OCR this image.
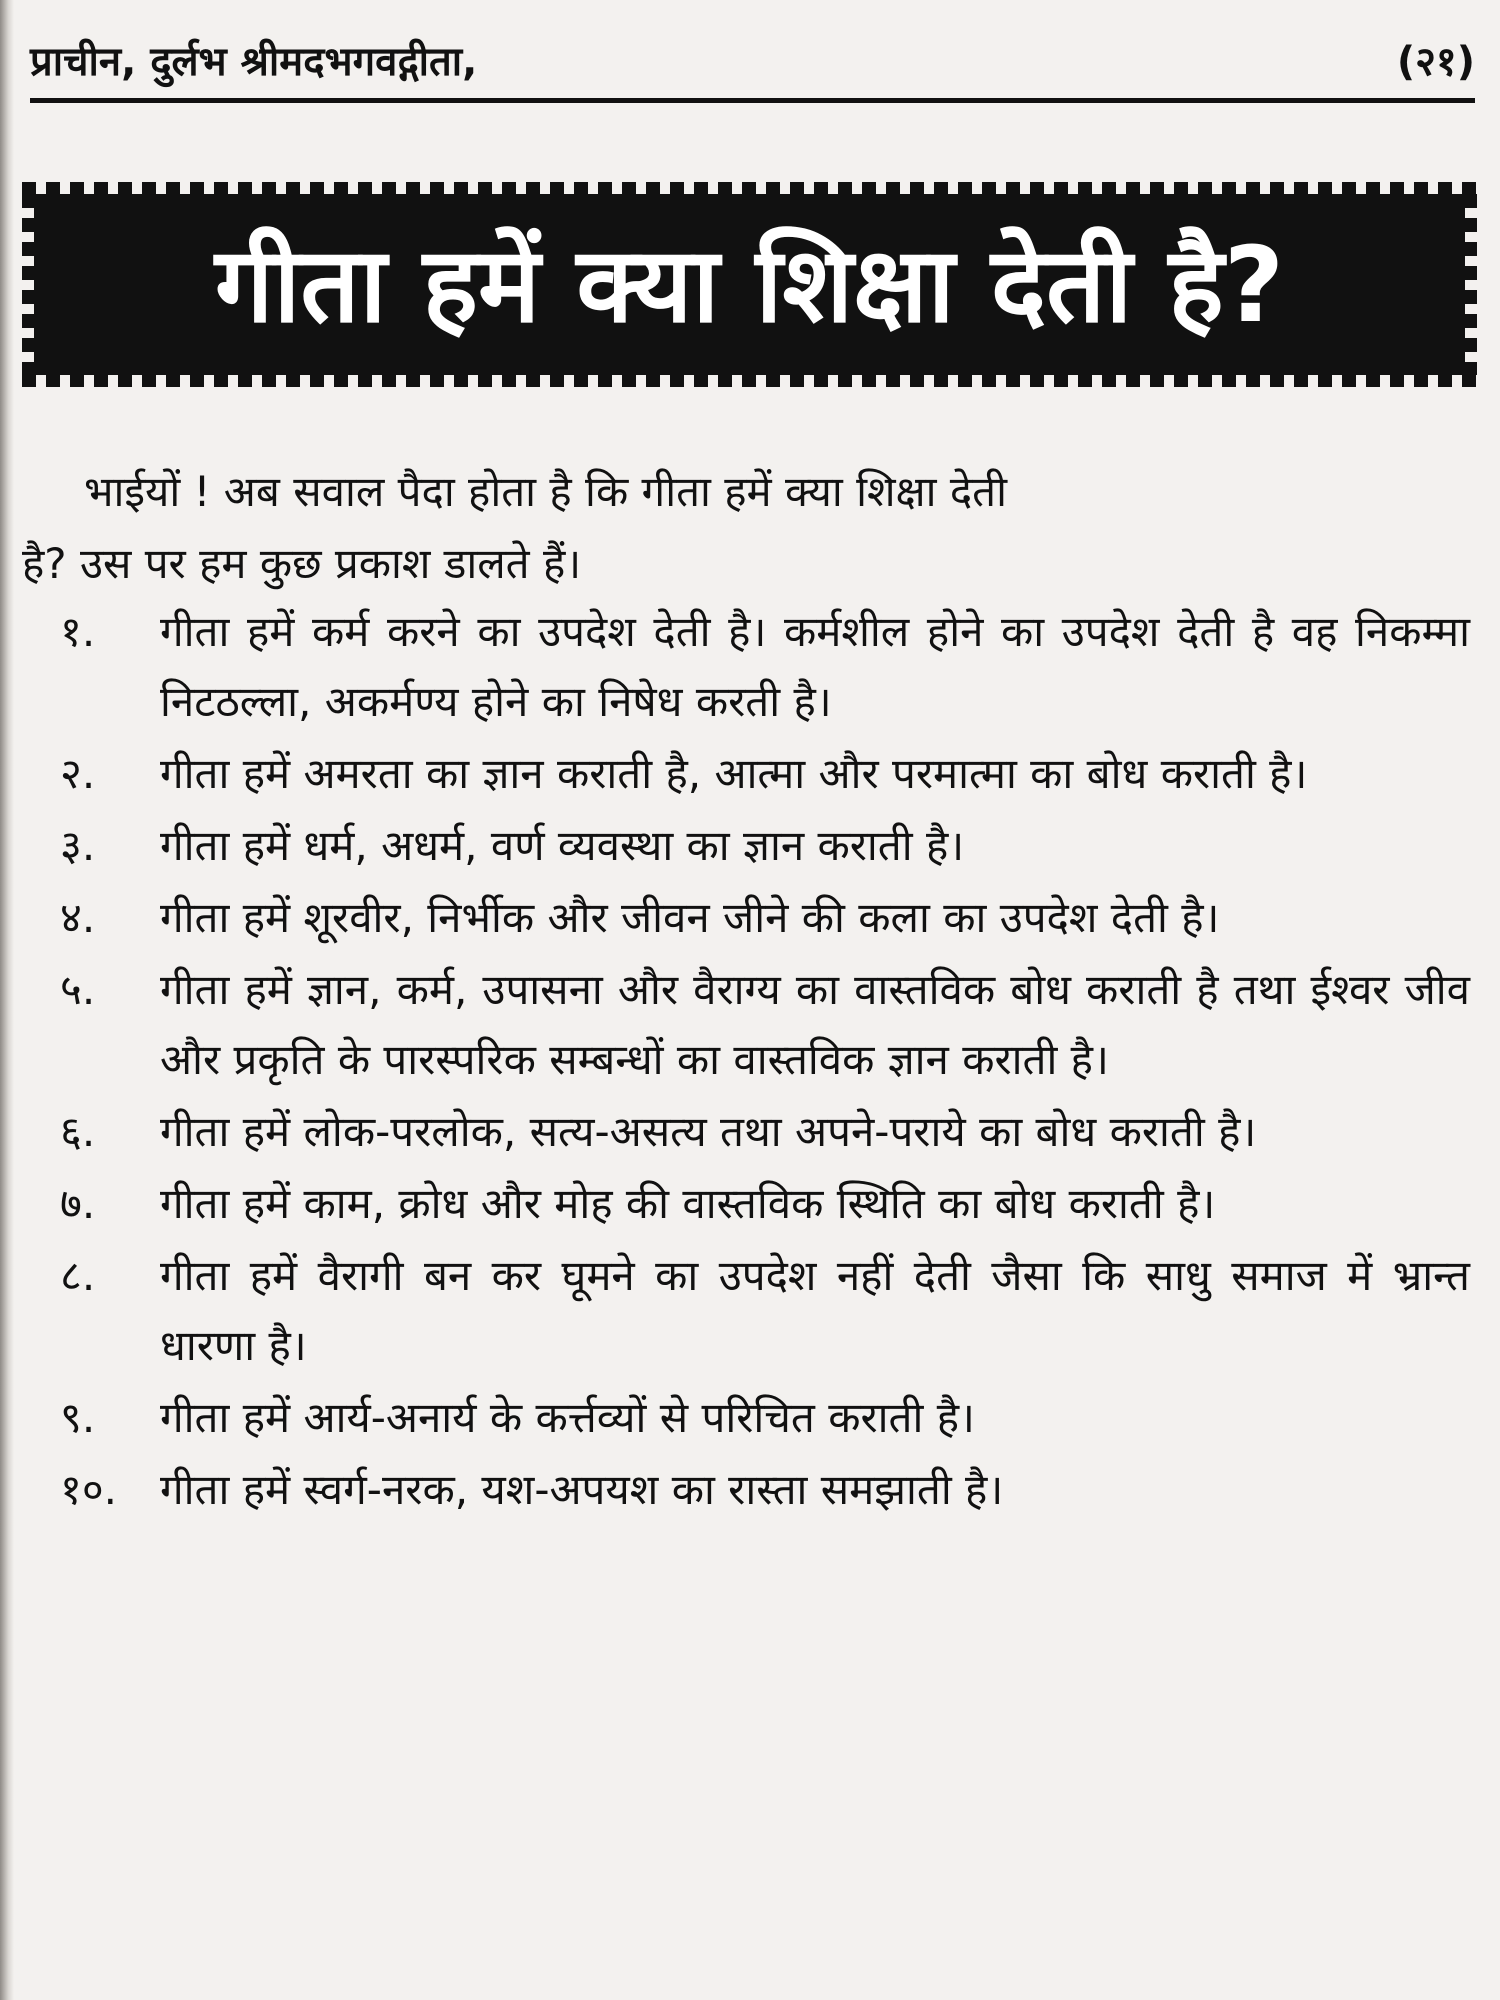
प्राचीन, दुर्लभ श्रीमदभगवद्गीता,	(२१)
गीता हमें क्या शिक्षा देती है?
भाईयों ! अब सवाल पैदा होता है कि गीता हमें क्या शिक्षा देती
है? उस पर हम कुछ प्रकाश डालते हैं।
१.	गीता हमें कर्म करने का उपदेश देती है। कर्मशील होने का उपदेश देती है वह निकम्मा निटठल्ला, अकर्मण्य होने का निषेध करती है।
२.	गीता हमें अमरता का ज्ञान कराती है, आत्मा और परमात्मा का बोध कराती है।
३.	गीता हमें धर्म, अधर्म, वर्ण व्यवस्था का ज्ञान कराती है।
४.	गीता हमें शूरवीर, निर्भीक और जीवन जीने की कला का उपदेश देती है।
५.	गीता हमें ज्ञान, कर्म, उपासना और वैराग्य का वास्तविक बोध कराती है तथा ईश्वर जीव और प्रकृति के पारस्परिक सम्बन्धों का वास्तविक ज्ञान कराती है।
६.	गीता हमें लोक-परलोक, सत्य-असत्य तथा अपने-पराये का बोध कराती है।
७.	गीता हमें काम, क्रोध और मोह की वास्तविक स्थिति का बोध कराती है।
८.	गीता हमें वैरागी बन कर घूमने का उपदेश नहीं देती जैसा कि साधु समाज में भ्रान्त धारणा है।
९.	गीता हमें आर्य-अनार्य के कर्त्तव्यों से परिचित कराती है।
१०.	गीता हमें स्वर्ग-नरक, यश-अपयश का रास्ता समझाती है।
